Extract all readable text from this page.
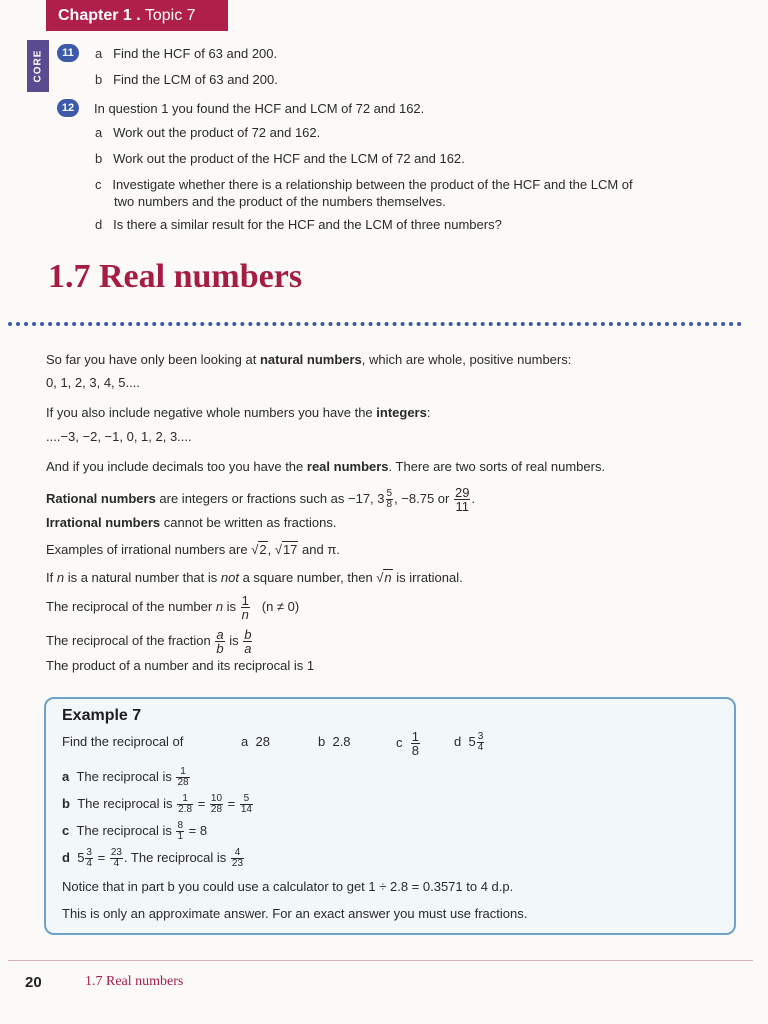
Chapter 1 . Topic 7
CORE	11	a Find the HCF of 63 and 200.
b Find the LCM of 63 and 200.
12	In question 1 you found the HCF and LCM of 72 and 162.
a Work out the product of 72 and 162.
b Work out the product of the HCF and the LCM of 72 and 162.
c Investigate whether there is a relationship between the product of the HCF and the LCM of
two numbers and the product of the numbers themselves.
d Is there a similar result for the HCF and the LCM of three numbers?
1.7 Real numbers
So far you have only been looking at natural numbers, which are whole, positive numbers:
0, 1, 2, 3, 4, 5....
If you also include negative whole numbers you have the integers:
....−3, −2, −1, 0, 1, 2, 3....
And if you include decimals too you have the real numbers. There are two sorts of real numbers.
Rational numbers are integers or fractions such as −17, $3 \frac{5}{8}$ , −8.75 or $\frac{29}{11}$ .
Irrational numbers cannot be written as fractions.
Examples of irrational numbers are √2, √17 and π.
If n is a natural number that is not a square number, then √n is irrational.
The reciprocal of the number n is $\frac{1}{n} (n \ne 0)$
The reciprocal of the fraction $\frac{a}{b}$ is $\frac{b}{a}$
The product of a number and its reciprocal is 1
Example 7
Find the reciprocal of	a 28	b 2.8	c $\frac{1}{8}$	d $5 \frac{3}{4}$
a The reciprocal is $\frac{1}{28}$
b The reciprocal is $\frac{1}{2.8} = \frac{10}{28} = \frac{5}{14}$
c The reciprocal is $\frac{8}{1} = 8$
d $5 \frac{3}{4} = \frac{23}{4}$ . The reciprocal is $\frac{4}{23}$
Notice that in part b you could use a calculator to get 1 ÷ 2.8 = 0.3571 to 4 d.p.
This is only an approximate answer. For an exact answer you must use fractions.
20	1.7 Real numbers
